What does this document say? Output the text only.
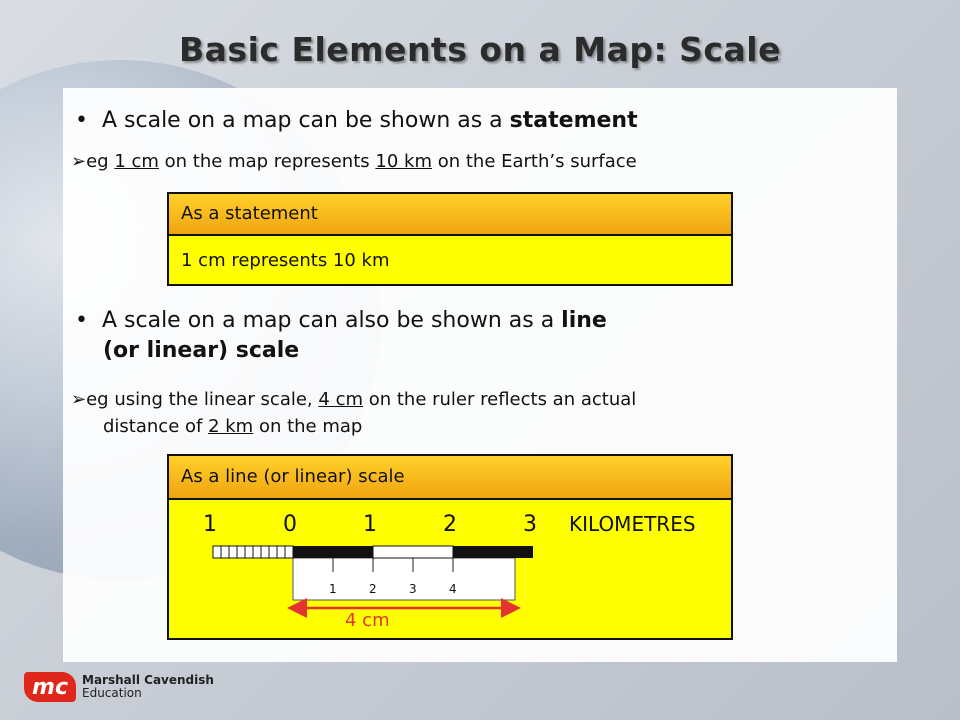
Basic Elements on a Map: Scale
• A scale on a map can be shown as a statement
➢eg 1 cm on the map represents 10 km on the Earth’s surface
As a statement
1 cm represents 10 km
• A scale on a map can also be shown as a line
(or linear) scale
➢eg using the linear scale, 4 cm on the ruler reflects an actual
distance of 2 km on the map
As a line (or linear) scale
1	0	1	2	3 KILOMETRES
1	2	3	4
4 cm
mc	Marshall Cavendish
Education
